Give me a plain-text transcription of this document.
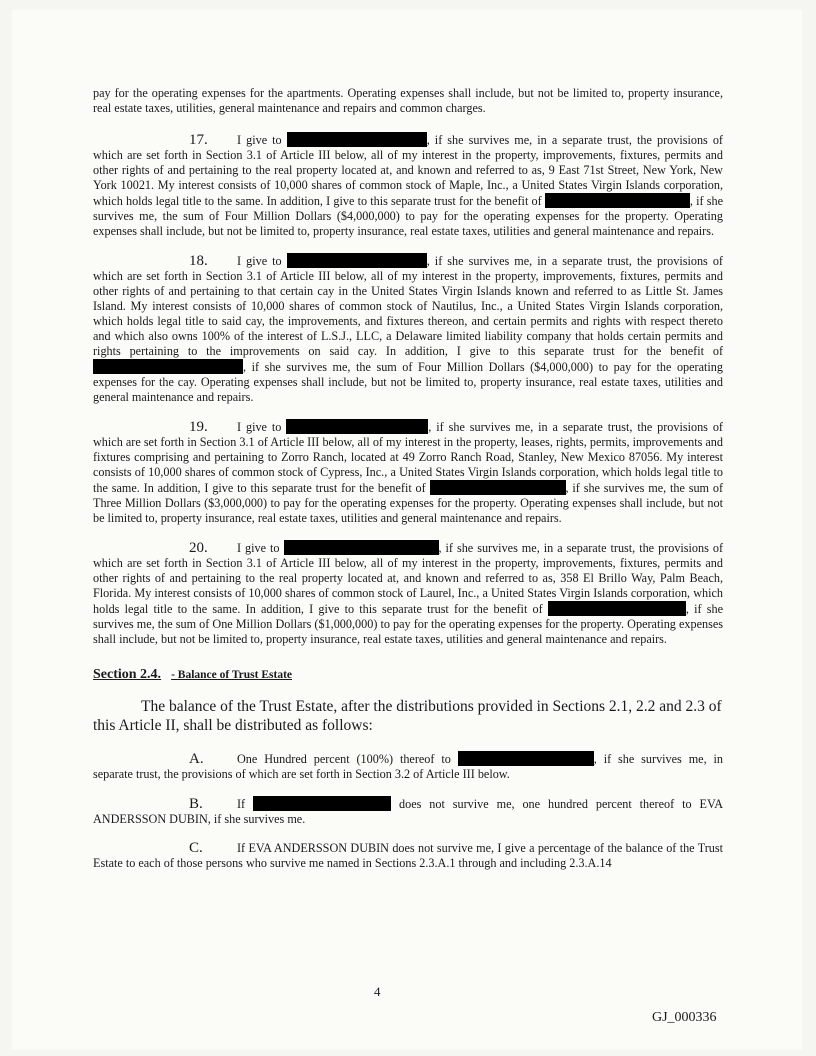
pay for the operating expenses for the apartments. Operating expenses shall include, but not be limited to, property insurance, real estate taxes, utilities, general maintenance and repairs and common charges.

17. I give to	, if she survives me, in a separate trust, the provisions of which are set forth in Section 3.1 of Article III below, all of my interest in the property, improvements, fixtures, permits and other rights of and pertaining to the real property located at, and known and referred to as, 9 East 71st Street, New York, New York 10021. My interest consists of 10,000 shares of common stock of Maple, Inc., a United States Virgin Islands corporation, which holds legal title to the same. In addition, I give to this separate trust for the benefit of	, if she survives me, the sum of Four Million Dollars ($4,000,000) to pay for the operating expenses for the property. Operating expenses shall include, but not be limited to, property insurance, real estate taxes, utilities and general maintenance and repairs.

18. I give to	, if she survives me, in a separate trust, the provisions of which are set forth in Section 3.1 of Article III below, all of my interest in the property, improvements, fixtures, permits and other rights of and pertaining to that certain cay in the United States Virgin Islands known and referred to as Little St. James Island. My interest consists of 10,000 shares of common stock of Nautilus, Inc., a United States Virgin Islands corporation, which holds legal title to said cay, the improvements, and fixtures thereon, and certain permits and rights with respect thereto and which also owns 100% of the interest of L.S.J., LLC, a Delaware limited liability company that holds certain permits and rights pertaining to the improvements on said cay. In addition, I give to this separate trust for the benefit of , if she survives me, the sum of Four Million Dollars ($4,000,000) to pay for the operating expenses for the cay. Operating expenses shall include, but not be limited to, property insurance, real estate taxes, utilities and general maintenance and repairs.

19. I give to	, if she survives me, in a separate trust, the provisions of which are set forth in Section 3.1 of Article III below, all of my interest in the property, leases, rights, permits, improvements and fixtures comprising and pertaining to Zorro Ranch, located at 49 Zorro Ranch Road, Stanley, New Mexico 87056. My interest consists of 10,000 shares of common stock of Cypress, Inc., a United States Virgin Islands corporation, which holds legal title to the same. In addition, I give to this separate trust for the benefit of	, if she survives me, the sum of Three Million Dollars ($3,000,000) to pay for the operating expenses for the property. Operating expenses shall include, but not be limited to, property insurance, real estate taxes, utilities and general maintenance and repairs.

20. I give to	, if she survives me, in a separate trust, the provisions of which are set forth in Section 3.1 of Article III below, all of my interest in the property, improvements, fixtures, permits and other rights of and pertaining to the real property located at, and known and referred to as, 358 El Brillo Way, Palm Beach, Florida. My interest consists of 10,000 shares of common stock of Laurel, Inc., a United States Virgin Islands corporation, which holds legal title to the same. In addition, I give to this separate trust for the benefit of	, if she survives me, the sum of One Million Dollars ($1,000,000) to pay for the operating expenses for the property. Operating expenses shall include, but not be limited to, property insurance, real estate taxes, utilities and general maintenance and repairs.

Section 2.4. - Balance of Trust Estate

The balance of the Trust Estate, after the distributions provided in Sections 2.1, 2.2 and 2.3 of this Article II, shall be distributed as follows:

A.	One Hundred percent (100%) thereof to	, if she survives me, in separate trust, the provisions of which are set forth in Section 3.2 of Article III below.

B.	If	does not survive me, one hundred percent thereof to EVA ANDERSSON DUBIN, if she survives me.

C.	If EVA ANDERSSON DUBIN does not survive me, I give a percentage of the balance of the Trust Estate to each of those persons who survive me named in Sections 2.3.A.1 through and including 2.3.A.14

4
GJ_000336
